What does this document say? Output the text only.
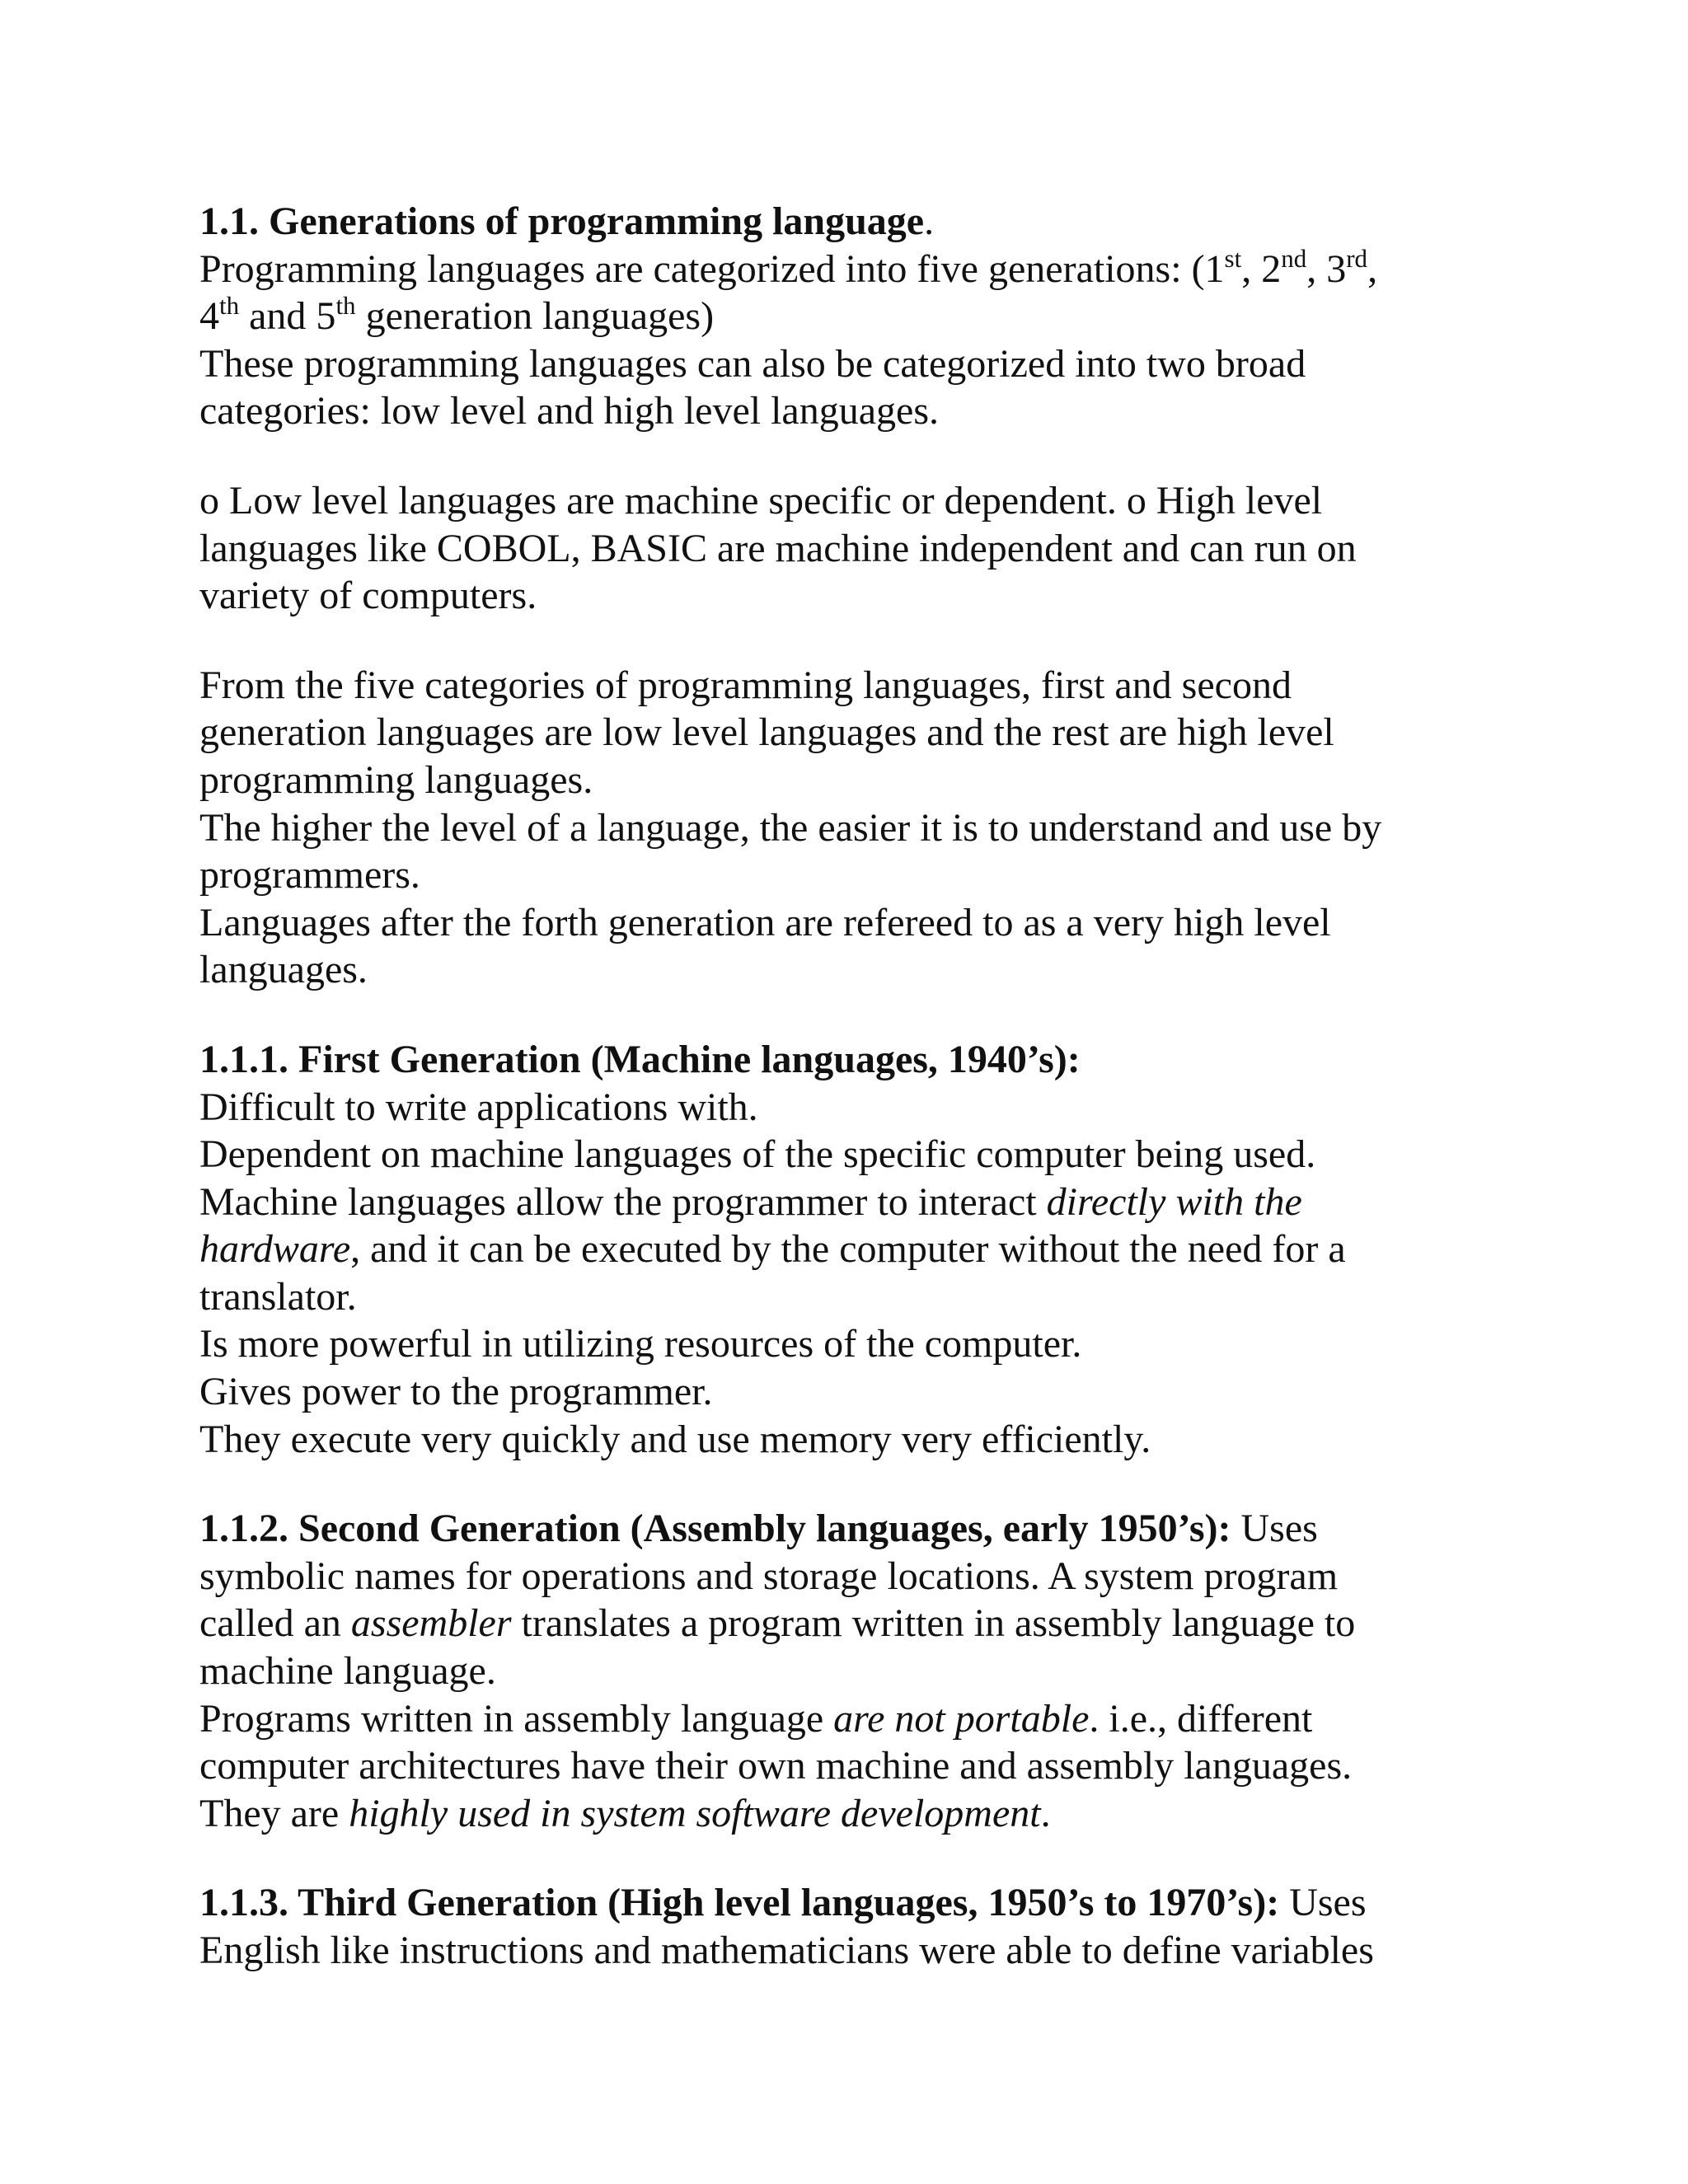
1.1. Generations of programming language.
Programming languages are categorized into five generations: (1st, 2nd, 3rd,
4th and 5th generation languages)
These programming languages can also be categorized into two broad
categories: low level and high level languages.

o Low level languages are machine specific or dependent. o High level
languages like COBOL, BASIC are machine independent and can run on
variety of computers.

From the five categories of programming languages, first and second
generation languages are low level languages and the rest are high level
programming languages.
The higher the level of a language, the easier it is to understand and use by
programmers.
Languages after the forth generation are refereed to as a very high level
languages.

1.1.1. First Generation (Machine languages, 1940’s):
Difficult to write applications with.
Dependent on machine languages of the specific computer being used.
Machine languages allow the programmer to interact directly with the
hardware, and it can be executed by the computer without the need for a
translator.
Is more powerful in utilizing resources of the computer.
Gives power to the programmer.
They execute very quickly and use memory very efficiently.

1.1.2. Second Generation (Assembly languages, early 1950’s): Uses
symbolic names for operations and storage locations. A system program
called an assembler translates a program written in assembly language to
machine language.
Programs written in assembly language are not portable. i.e., different
computer architectures have their own machine and assembly languages.
They are highly used in system software development.

1.1.3. Third Generation (High level languages, 1950’s to 1970’s): Uses
English like instructions and mathematicians were able to define variables
